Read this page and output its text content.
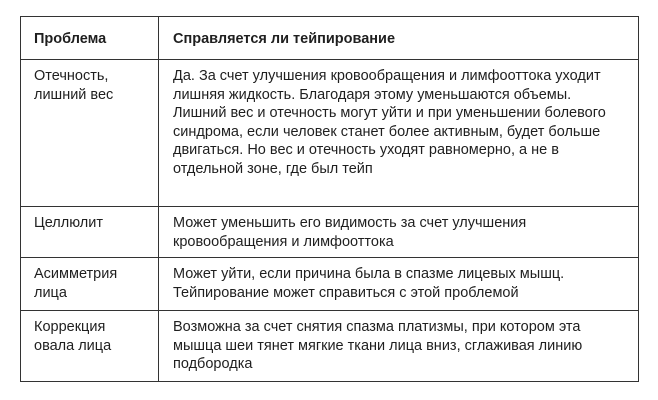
Проблема	Справляется ли тейпирование

Отечность, лишний вес	Да. За счет улучшения кровообращения и лимфооттока уходит лишняя жидкость. Благодаря этому уменьшаются объемы.
Лишний вес и отечность могут уйти и при уменьшении болевого синдрома, если человек станет более активным, будет больше двигаться. Но вес и отечность уходят равномерно, а не в отдельной зоне, где был тейп

Целлюлит	Может уменьшить его видимость за счет улучшения кровообращения и лимфооттока

Асимметрия лица	Может уйти, если причина была в спазме лицевых мышц. Тейпирование может справиться с этой проблемой

Коррекция овала лица	Возможна за счет снятия спазма платизмы, при котором эта мышца шеи тянет мягкие ткани лица вниз, сглаживая линию подбородка
